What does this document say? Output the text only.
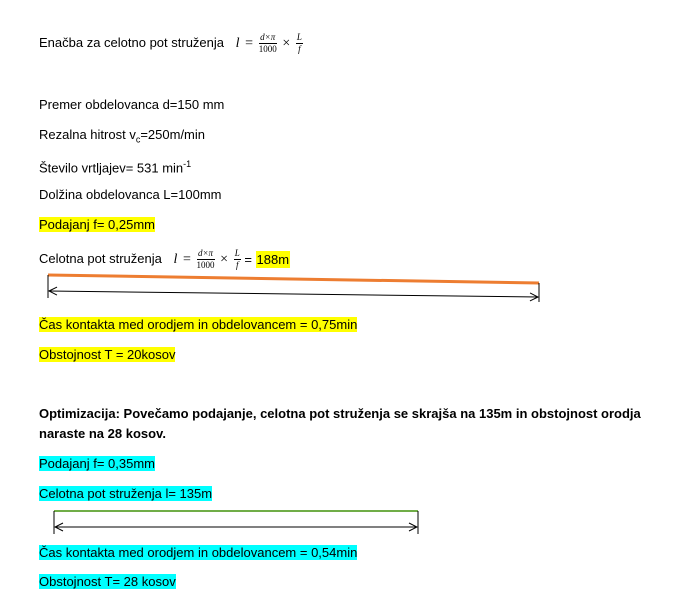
Enačba za celotno pot struženja $l = \frac{d\times\pi}{1000} \times \frac{L}{f}$
Premer obdelovanca d=150 mm
Rezalna hitrost $v_c=250m/\min$
Število vrtljajev= 531 $\min^{-1}$
Dolžina obdelovanca L=100mm
Podajanj f= 0,25mm
Celotna pot struženja $l = \frac{d\times\pi}{1000} \times \frac{L}{f} = 188m$
Čas kontakta med orodjem in obdelovancem = 0,75min
Obstojnost T = 20kosov
Optimizacija: Povečamo podajanje, celotna pot struženja se skrajša na 135m in obstojnost orodja
naraste na 28 kosov.
Podajanj f= 0,35mm
Celotna pot struženja l= 135m
Čas kontakta med orodjem in obdelovancem = 0,54min
Obstojnost T= 28 kosov
